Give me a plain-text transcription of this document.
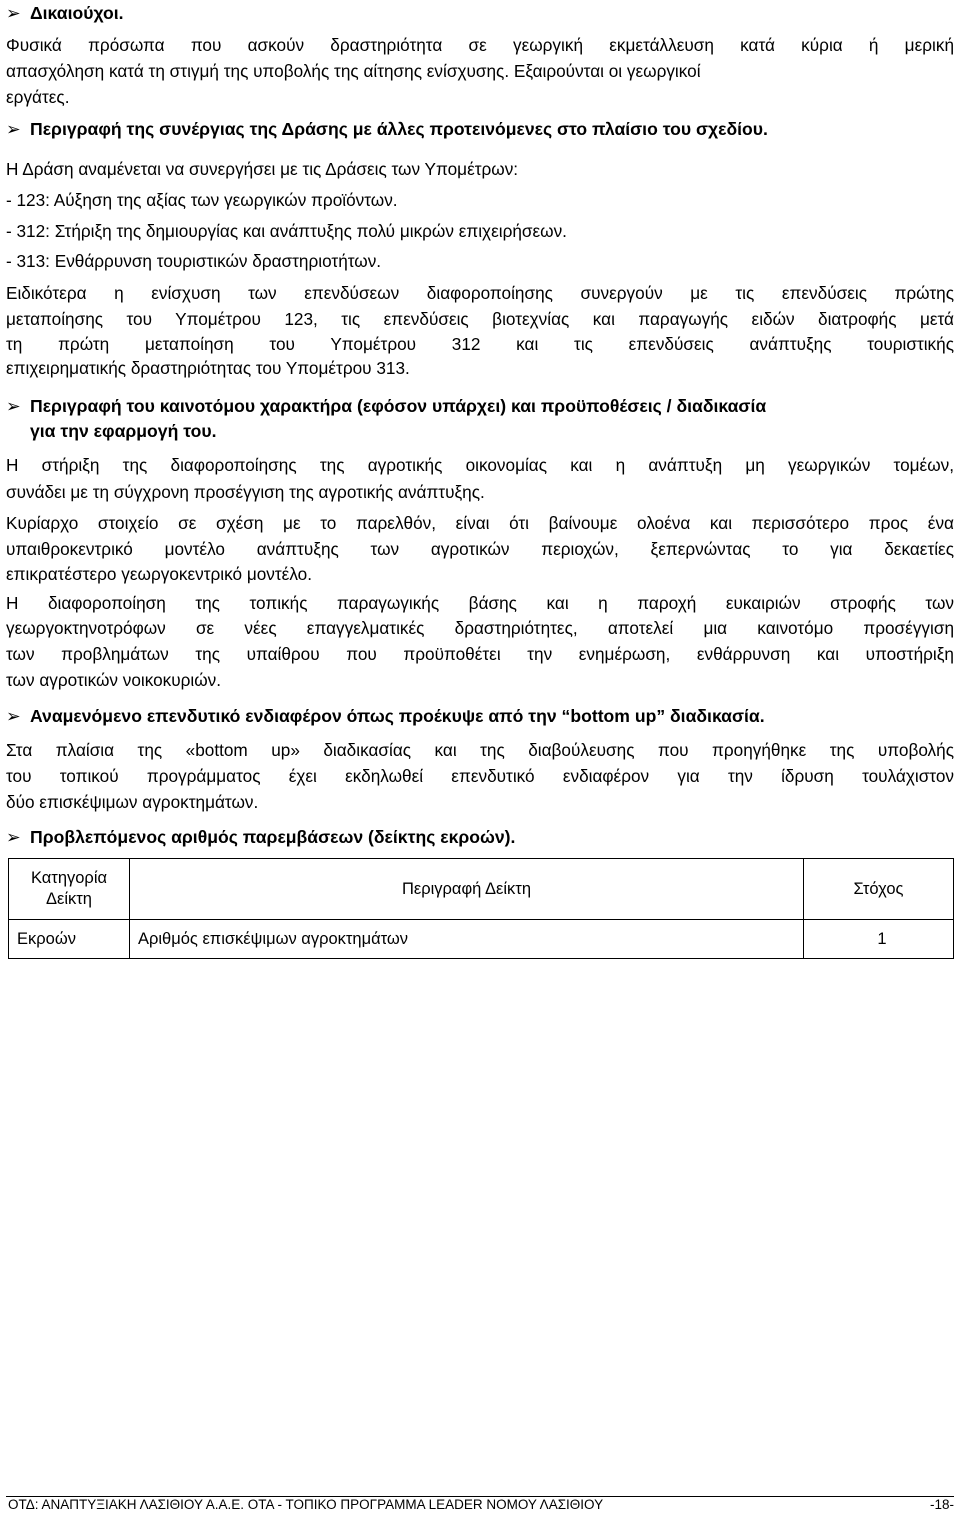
➢ Δικαιούχοι.
Φυσικά πρόσωπα που ασκούν δραστηριότητα σε γεωργική εκμετάλλευση κατά κύρια ή μερική
απασχόληση κατά τη στιγμή της υποβολής της αίτησης ενίσχυσης. Εξαιρούνται οι γεωργικοί
εργάτες.
➢ Περιγραφή της συνέργιας της Δράσης με άλλες προτεινόμενες στο πλαίσιο του σχεδίου.
Η Δράση αναμένεται να συνεργήσει με τις Δράσεις των Υπομέτρων:
- 123: Αύξηση της αξίας των γεωργικών προϊόντων.
- 312: Στήριξη της δημιουργίας και ανάπτυξης πολύ μικρών επιχειρήσεων.
- 313: Ενθάρρυνση τουριστικών δραστηριοτήτων.
Ειδικότερα η ενίσχυση των επενδύσεων διαφοροποίησης συνεργούν με τις επενδύσεις πρώτης
μεταποίησης του Υπομέτρου 123, τις επενδύσεις βιοτεχνίας και παραγωγής ειδών διατροφής μετά
τη πρώτη μεταποίηση του Υπομέτρου 312 και τις επενδύσεις ανάπτυξης τουριστικής
επιχειρηματικής δραστηριότητας του Υπομέτρου 313.
➢ Περιγραφή του καινοτόμου χαρακτήρα (εφόσον υπάρχει) και προϋποθέσεις / διαδικασία
για την εφαρμογή του.
Η στήριξη της διαφοροποίησης της αγροτικής οικονομίας και η ανάπτυξη μη γεωργικών τομέων,
συνάδει με τη σύγχρονη προσέγγιση της αγροτικής ανάπτυξης.
Κυρίαρχο στοιχείο σε σχέση με το παρελθόν, είναι ότι βαίνουμε ολοένα και περισσότερο προς ένα
υπαιθροκεντρικό μοντέλο ανάπτυξης των αγροτικών περιοχών, ξεπερνώντας το για δεκαετίες
επικρατέστερο γεωργοκεντρικό μοντέλο.
Η διαφοροποίηση της τοπικής παραγωγικής βάσης και η παροχή ευκαιριών στροφής των
γεωργοκτηνοτρόφων σε νέες επαγγελματικές δραστηριότητες, αποτελεί μια καινοτόμο προσέγγιση
των προβλημάτων της υπαίθρου που προϋποθέτει την ενημέρωση, ενθάρρυνση και υποστήριξη
των αγροτικών νοικοκυριών.
➢ Αναμενόμενο επενδυτικό ενδιαφέρον όπως προέκυψε από την “bottom up” διαδικασία.
Στα πλαίσια της «bottom up» διαδικασίας και της διαβούλευσης που προηγήθηκε της υποβολής
του τοπικού προγράμματος έχει εκδηλωθεί επενδυτικό ενδιαφέρον για την ίδρυση τουλάχιστον
δύο επισκέψιμων αγροκτημάτων.
➢ Προβλεπόμενος αριθμός παρεμβάσεων (δείκτης εκροών).
Κατηγορία Δείκτη	Περιγραφή Δείκτη	Στόχος
Εκροών	Αριθμός επισκέψιμων αγροκτημάτων	1
ΟΤΔ: ΑΝΑΠΤΥΞΙΑΚΗ ΛΑΣΙΘΙΟΥ Α.Α.Ε. ΟΤΑ - ΤΟΠΙΚΟ ΠΡΟΓΡΑΜΜΑ LEADER ΝΟΜΟΥ ΛΑΣΙΘΙΟΥ	-18-
